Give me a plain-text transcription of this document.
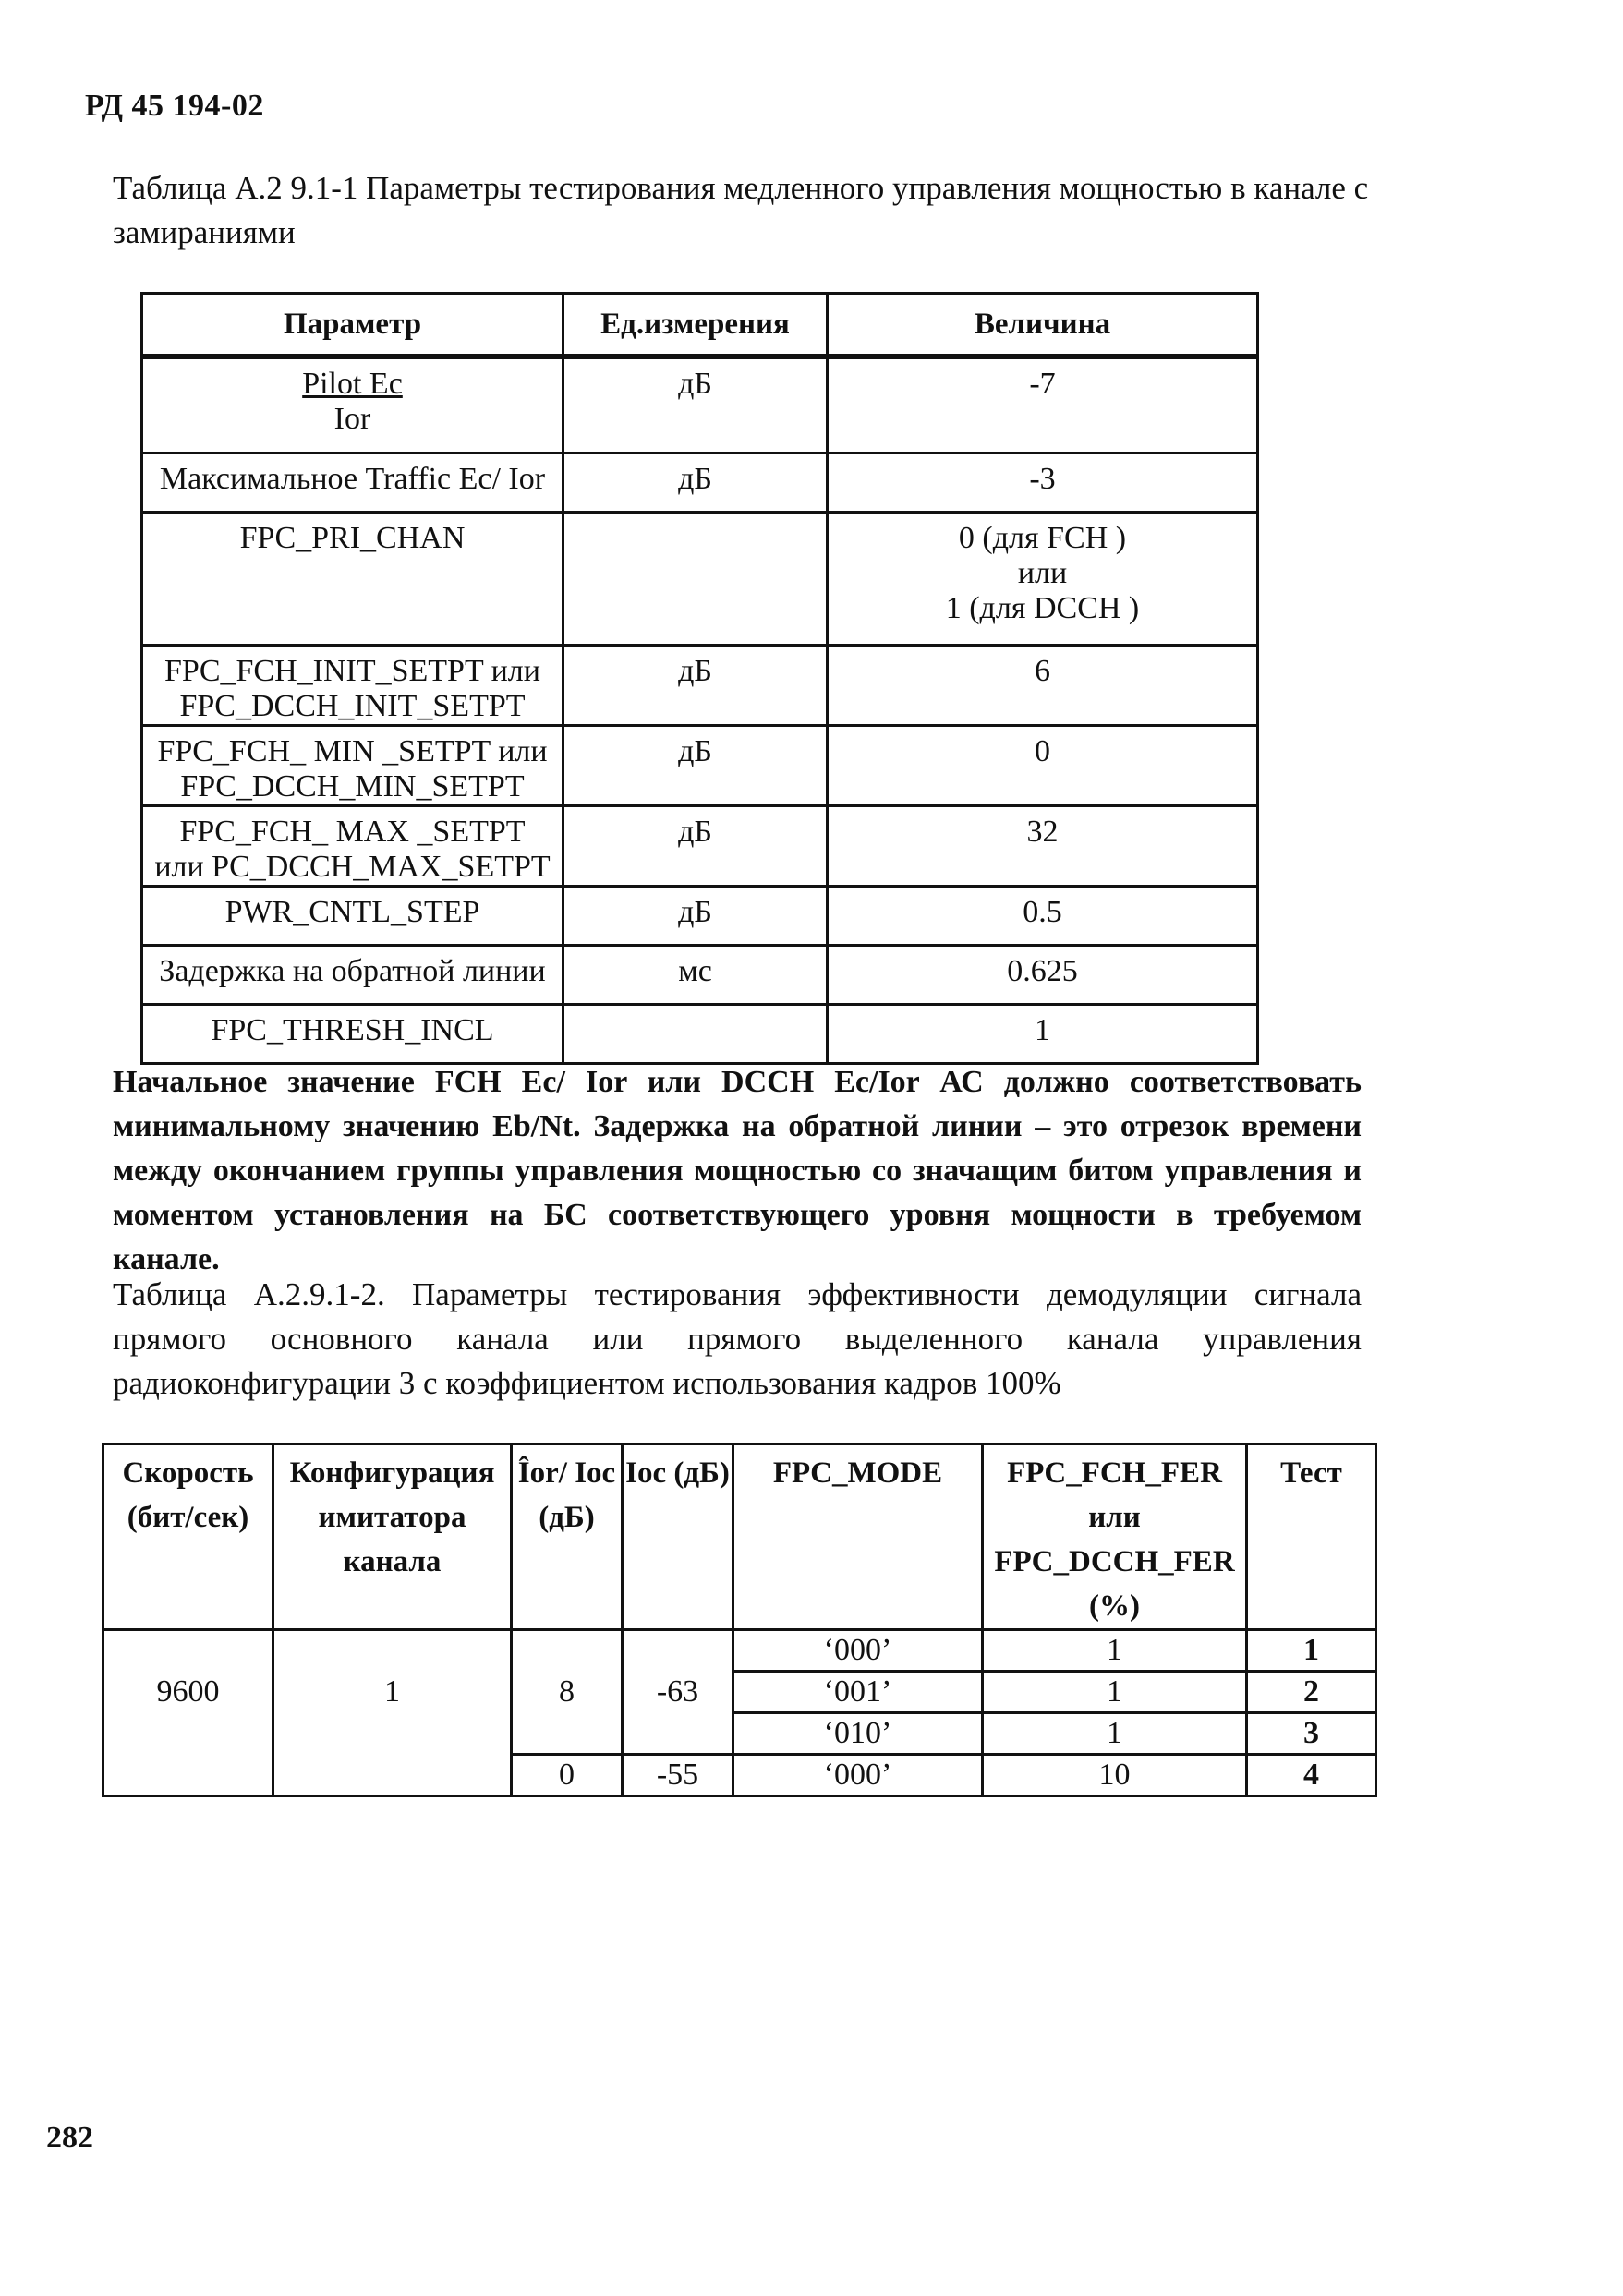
РД 45 194-02
Таблица А.2 9.1-1 Параметры тестирования медленного управления мощностью в канале с замираниями
Параметр	Ед.измерения	Величина
Pilot Ec
Ior	дБ	-7
Максимальное Traffic Ec/ Ior	дБ	-3
FPC_PRI_CHAN		0 (для FCH )
или
1 (для DCCH )
FPC_FCH_INIT_SETPT или
FPC_DCCH_INIT_SETPT	дБ	6
FPC_FCH_ MIN _SETPT или
FPC_DCCH_MIN_SETPT	дБ	0
FPC_FCH_ MAX _SETPT
или PC_DCCH_MAX_SETPT	дБ	32
PWR_CNTL_STEP	дБ	0.5
Задержка на обратной линии	мс	0.625
FPC_THRESH_INCL		1
Начальное значение FCH Ec/ Ior или DCCH Ec/Ior АС должно соответствовать минимальному значению Eb/Nt. Задержка на обратной линии – это отрезок времени между окончанием группы управления мощностью со значащим битом управления и моментом установления на БС соответствующего уровня мощности в требуемом канале.
Таблица А.2.9.1-2. Параметры тестирования эффективности демодуляции сигнала прямого основного канала или прямого выделенного канала управления радиоконфигурации 3 с коэффициентом использования кадров 100%
Скорость (бит/сек)	Конфигурация имитатора канала	Îor/ Ioc (дБ)	Ioc (дБ)	FPC_MODE	FPC_FCH_FER
или
FPC_DCCH_FER
(%)	Тест
9600	1	8	-63	‘000’	1	1
				‘001’	1	2
				‘010’	1	3
		0	-55	‘000’	10	4
282
